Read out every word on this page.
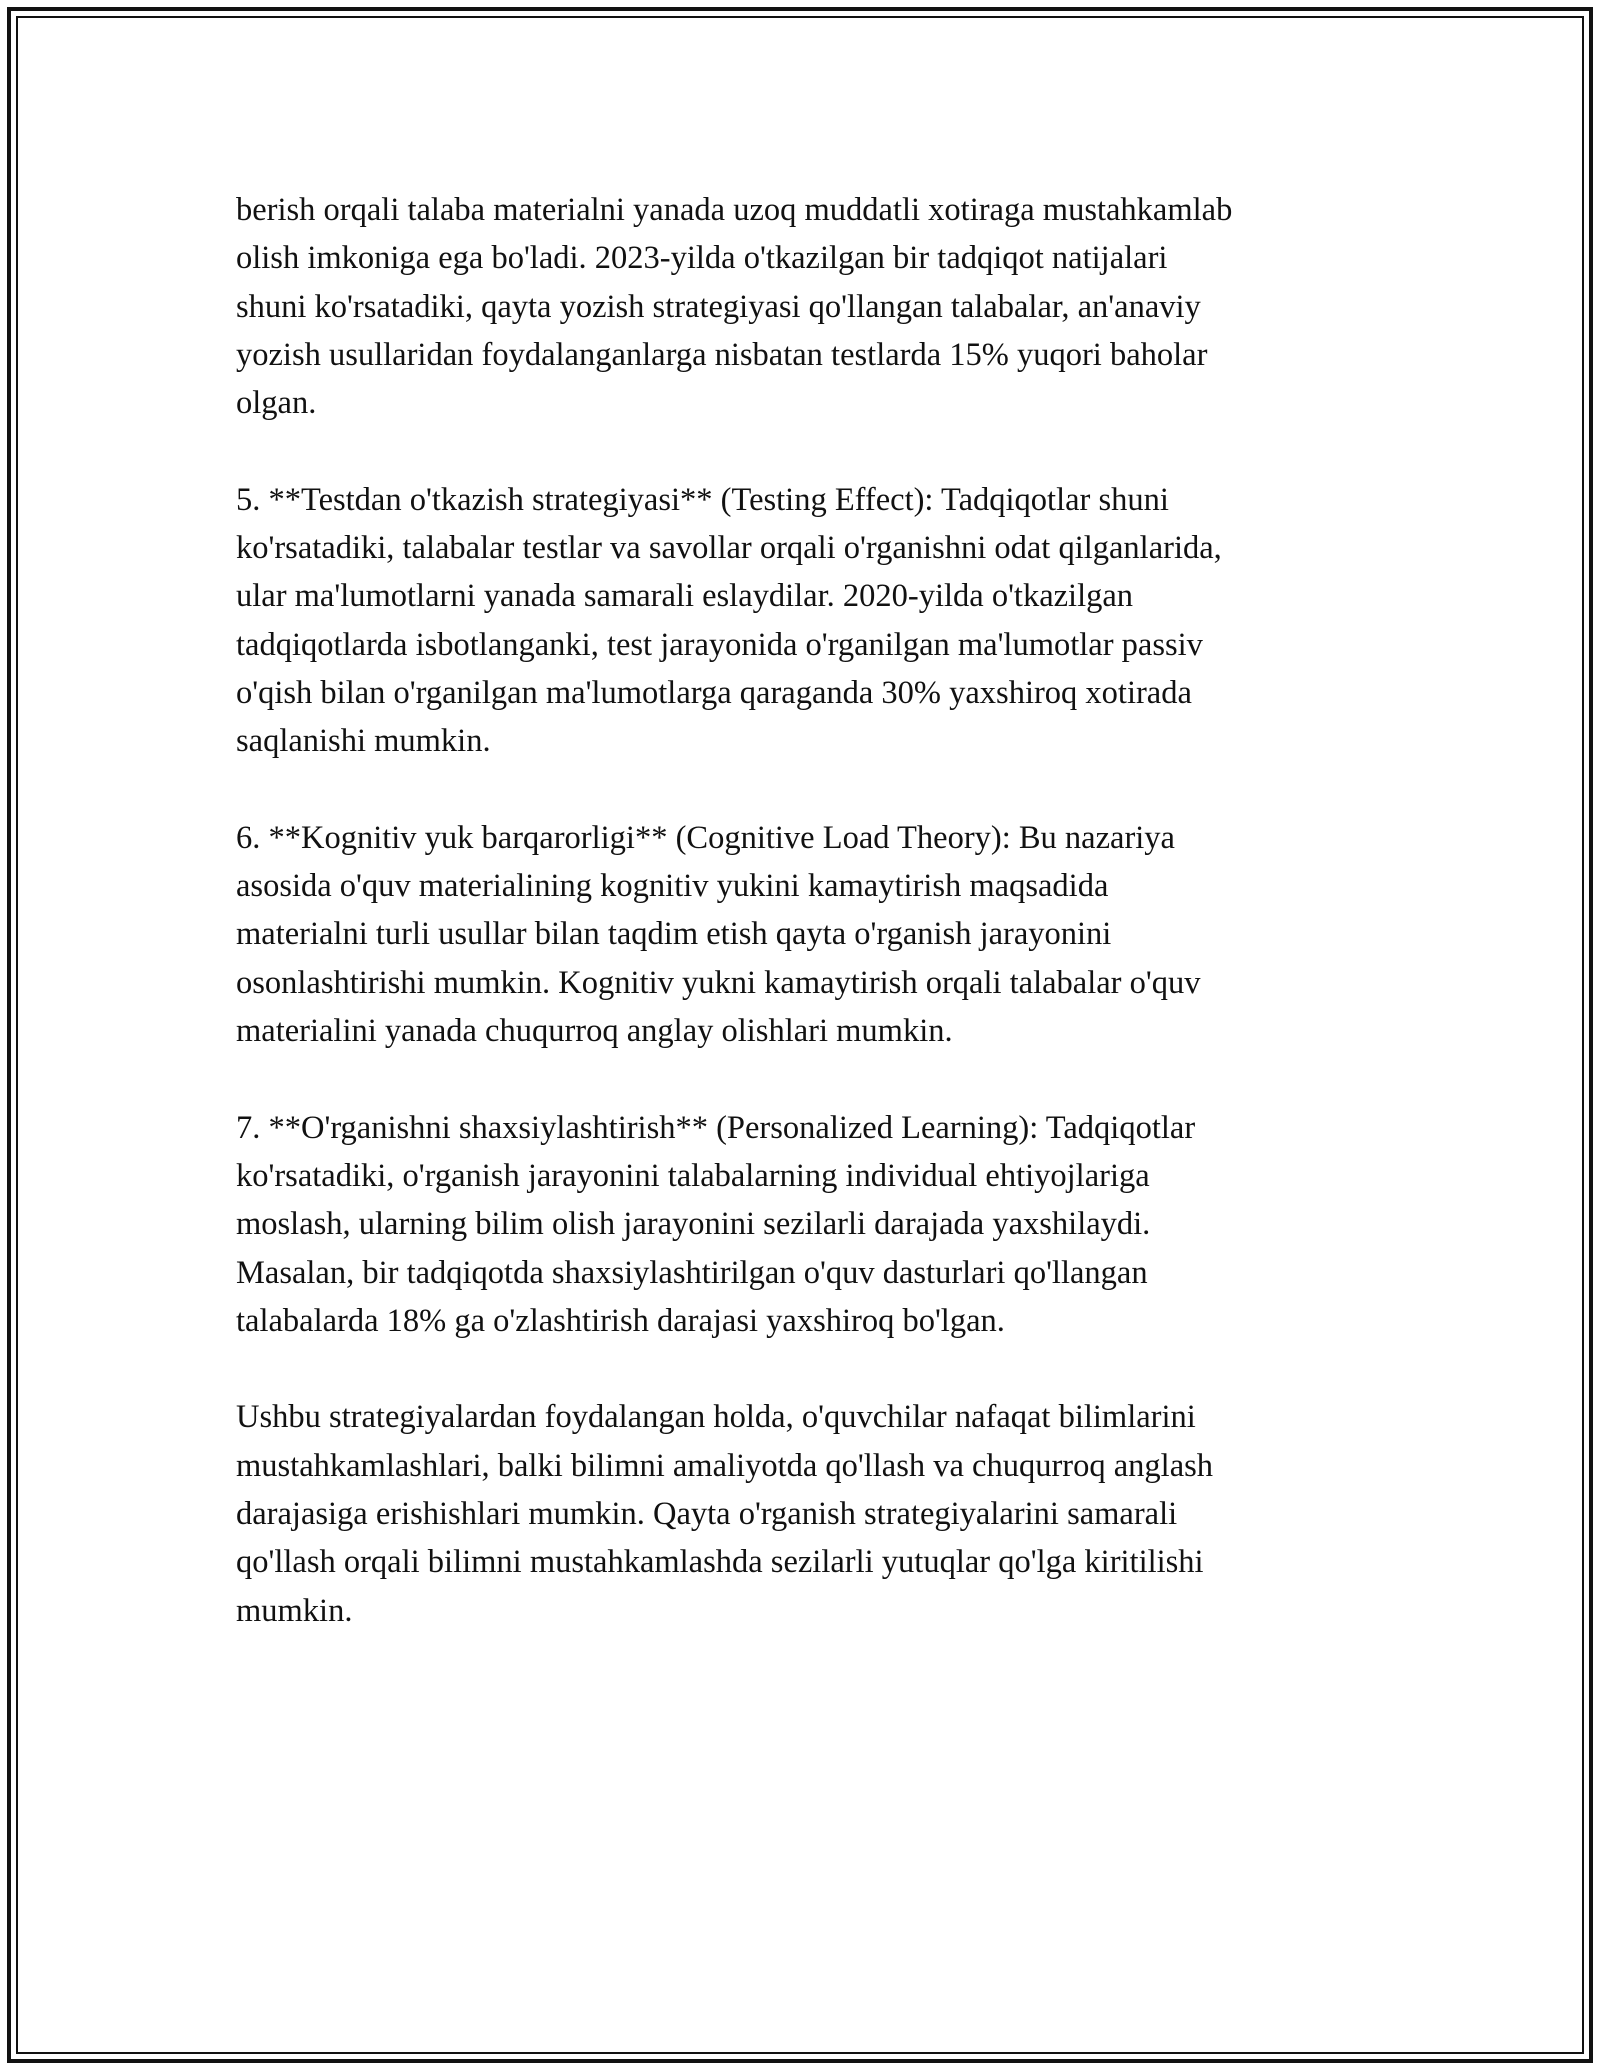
berish orqali talaba materialni yanada uzoq muddatli xotiraga mustahkamlab
olish imkoniga ega bo'ladi. 2023-yilda o'tkazilgan bir tadqiqot natijalari
shuni ko'rsatadiki, qayta yozish strategiyasi qo'llangan talabalar, an'anaviy
yozish usullaridan foydalanganlarga nisbatan testlarda 15% yuqori baholar
olgan.

5. **Testdan o'tkazish strategiyasi** (Testing Effect): Tadqiqotlar shuni
ko'rsatadiki, talabalar testlar va savollar orqali o'rganishni odat qilganlarida,
ular ma'lumotlarni yanada samarali eslaydilar. 2020-yilda o'tkazilgan
tadqiqotlarda isbotlanganki, test jarayonida o'rganilgan ma'lumotlar passiv
o'qish bilan o'rganilgan ma'lumotlarga qaraganda 30% yaxshiroq xotirada
saqlanishi mumkin.

6. **Kognitiv yuk barqarorligi** (Cognitive Load Theory): Bu nazariya
asosida o'quv materialining kognitiv yukini kamaytirish maqsadida
materialni turli usullar bilan taqdim etish qayta o'rganish jarayonini
osonlashtirishi mumkin. Kognitiv yukni kamaytirish orqali talabalar o'quv
materialini yanada chuqurroq anglay olishlari mumkin.

7. **O'rganishni shaxsiylashtirish** (Personalized Learning): Tadqiqotlar
ko'rsatadiki, o'rganish jarayonini talabalarning individual ehtiyojlariga
moslash, ularning bilim olish jarayonini sezilarli darajada yaxshilaydi.
Masalan, bir tadqiqotda shaxsiylashtirilgan o'quv dasturlari qo'llangan
talabalarda 18% ga o'zlashtirish darajasi yaxshiroq bo'lgan.

Ushbu strategiyalardan foydalangan holda, o'quvchilar nafaqat bilimlarini
mustahkamlashlari, balki bilimni amaliyotda qo'llash va chuqurroq anglash
darajasiga erishishlari mumkin. Qayta o'rganish strategiyalarini samarali
qo'llash orqali bilimni mustahkamlashda sezilarli yutuqlar qo'lga kiritilishi
mumkin.
